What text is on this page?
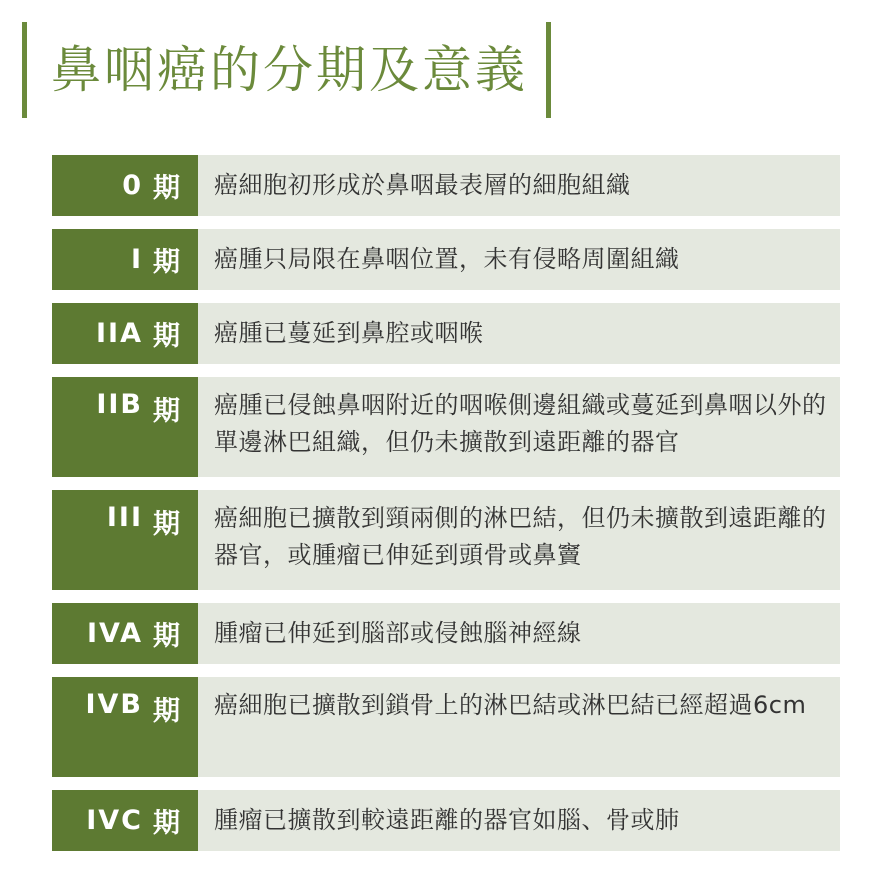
鼻咽癌的分期及意義
0 期	癌細胞初形成於鼻咽最表層的細胞組織
I 期	癌腫只局限在鼻咽位置，未有侵略周圍組織
IIA 期	癌腫已蔓延到鼻腔或咽喉
IIB 期	癌腫已侵蝕鼻咽附近的咽喉側邊組織或蔓延到鼻咽以外的單邊淋巴組織，但仍未擴散到遠距離的器官
III 期	癌細胞已擴散到頸兩側的淋巴結，但仍未擴散到遠距離的器官，或腫瘤已伸延到頭骨或鼻竇
IVA 期	腫瘤已伸延到腦部或侵蝕腦神經線
IVB 期	癌細胞已擴散到鎖骨上的淋巴結或淋巴結已經超過6cm
IVC 期	腫瘤已擴散到較遠距離的器官如腦、骨或肺
